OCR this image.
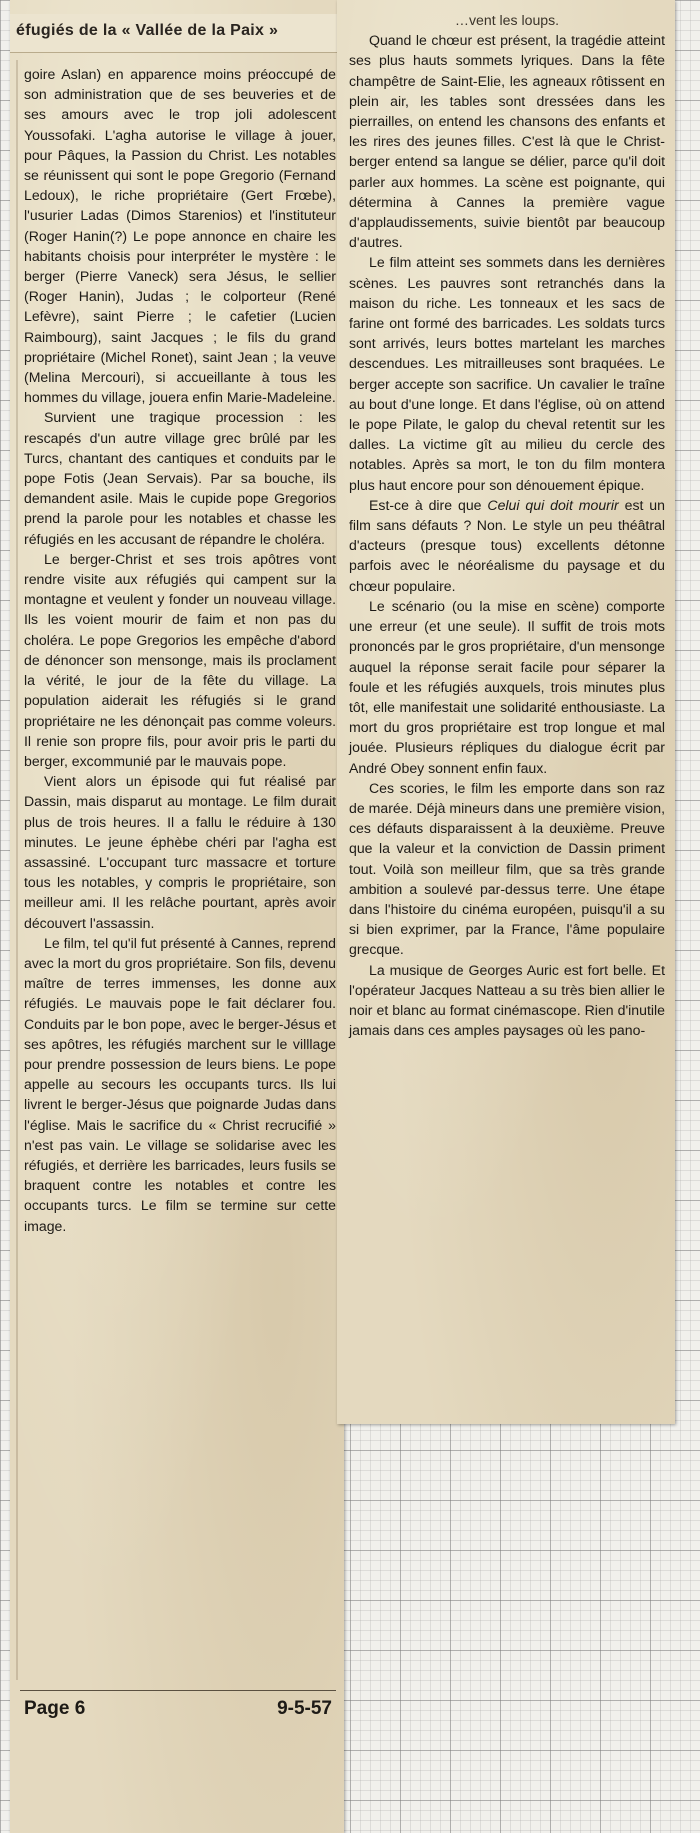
éfugiés de la « Vallée de la Paix »

goire Aslan) en apparence moins préoccupé de son administration que de ses beuveries et de ses amours avec le trop joli adolescent Youssofaki. L'agha autorise le village à jouer, pour Pâques, la Passion du Christ. Les notables se réunissent qui sont le pope Gregorio (Fernand Ledoux), le riche propriétaire (Gert Frœbe), l'usurier Ladas (Dimos Starenios) et l'instituteur (Roger Hanin(?) Le pope annonce en chaire les habitants choisis pour interpréter le mystère : le berger (Pierre Vaneck) sera Jésus, le sellier (Roger Hanin), Judas ; le colporteur (René Lefèvre), saint Pierre ; le cafetier (Lucien Raimbourg), saint Jacques ; le fils du grand propriétaire (Michel Ronet), saint Jean ; la veuve (Melina Mercouri), si accueillante à tous les hommes du village, jouera enfin Marie-Madeleine.

Survient une tragique procession : les rescapés d'un autre village grec brûlé par les Turcs, chantant des cantiques et conduits par le pope Fotis (Jean Servais). Par sa bouche, ils demandent asile. Mais le cupide pope Gregorios prend la parole pour les notables et chasse les réfugiés en les accusant de répandre le choléra.

Le berger-Christ et ses trois apôtres vont rendre visite aux réfugiés qui campent sur la montagne et veulent y fonder un nouveau village. Ils les voient mourir de faim et non pas du choléra. Le pope Gregorios les empêche d'abord de dénoncer son mensonge, mais ils proclament la vérité, le jour de la fête du village. La population aiderait les réfugiés si le grand propriétaire ne les dénonçait pas comme voleurs. Il renie son propre fils, pour avoir pris le parti du berger, excommunié par le mauvais pope.

Vient alors un épisode qui fut réalisé par Dassin, mais disparut au montage. Le film durait plus de trois heures. Il a fallu le réduire à 130 minutes. Le jeune éphèbe chéri par l'agha est assassiné. L'occupant turc massacre et torture tous les notables, y compris le propriétaire, son meilleur ami. Il les relâche pourtant, après avoir découvert l'assassin.

Le film, tel qu'il fut présenté à Cannes, reprend avec la mort du gros propriétaire. Son fils, devenu maître de terres immenses, les donne aux réfugiés. Le mauvais pope le fait déclarer fou. Conduits par le bon pope, avec le berger-Jésus et ses apôtres, les réfugiés marchent sur le villlage pour prendre possession de leurs biens. Le pope appelle au secours les occupants turcs. Ils lui livrent le berger-Jésus que poignarde Judas dans l'église. Mais le sacrifice du « Christ recrucifié » n'est pas vain. Le village se solidarise avec les réfugiés, et derrière les barricades, leurs fusils se braquent contre les notables et contre les occupants turcs. Le film se termine sur cette image.

Page 6	9-5-57

…vent les loups.

Quand le chœur est présent, la tragédie atteint ses plus hauts sommets lyriques. Dans la fête champêtre de Saint-Elie, les agneaux rôtissent en plein air, les tables sont dressées dans les pierrailles, on entend les chansons des enfants et les rires des jeunes filles. C'est là que le Christ-berger entend sa langue se délier, parce qu'il doit parler aux hommes. La scène est poignante, qui détermina à Cannes la première vague d'applaudissements, suivie bientôt par beaucoup d'autres.

Le film atteint ses sommets dans les dernières scènes. Les pauvres sont retranchés dans la maison du riche. Les tonneaux et les sacs de farine ont formé des barricades. Les soldats turcs sont arrivés, leurs bottes martelant les marches descendues. Les mitrailleuses sont braquées. Le berger accepte son sacrifice. Un cavalier le traîne au bout d'une longe. Et dans l'église, où on attend le pope Pilate, le galop du cheval retentit sur les dalles. La victime gît au milieu du cercle des notables. Après sa mort, le ton du film montera plus haut encore pour son dénouement épique.

Est-ce à dire que Celui qui doit mourir est un film sans défauts ? Non. Le style un peu théâtral d'acteurs (presque tous) excellents détonne parfois avec le néoréalisme du paysage et du chœur populaire.

Le scénario (ou la mise en scène) comporte une erreur (et une seule). Il suffit de trois mots prononcés par le gros propriétaire, d'un mensonge auquel la réponse serait facile pour séparer la foule et les réfugiés auxquels, trois minutes plus tôt, elle manifestait une solidarité enthousiaste. La mort du gros propriétaire est trop longue et mal jouée. Plusieurs répliques du dialogue écrit par André Obey sonnent enfin faux.

Ces scories, le film les emporte dans son raz de marée. Déjà mineurs dans une première vision, ces défauts disparaissent à la deuxième. Preuve que la valeur et la conviction de Dassin priment tout. Voilà son meilleur film, que sa très grande ambition a soulevé par-dessus terre. Une étape dans l'histoire du cinéma européen, puisqu'il a su si bien exprimer, par la France, l'âme populaire grecque.

La musique de Georges Auric est fort belle. Et l'opérateur Jacques Natteau a su très bien allier le noir et blanc au format cinémascope. Rien d'inutile jamais dans ces amples paysages où les pano-
